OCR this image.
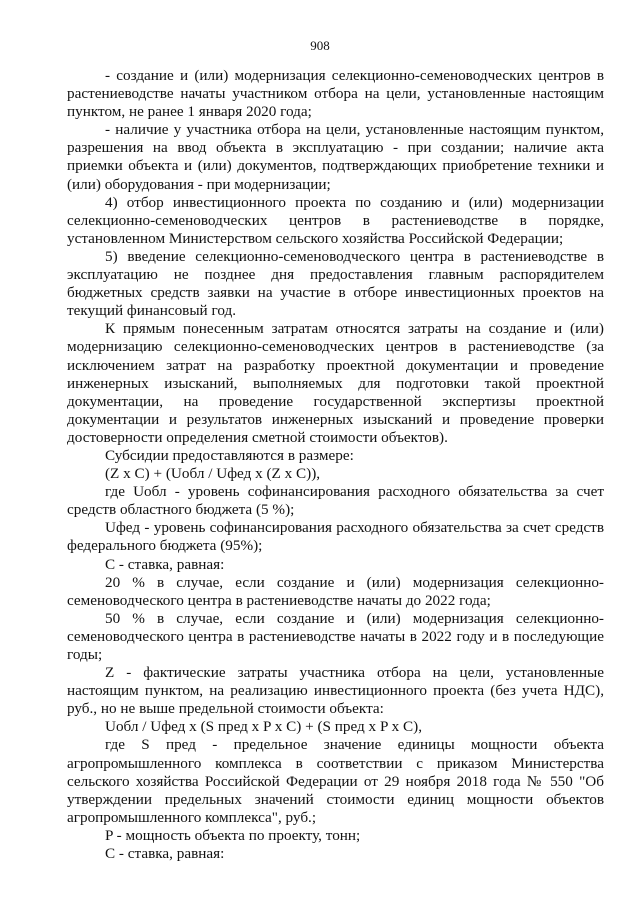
908

- создание и (или) модернизация селекционно-семеноводческих центров в растениеводстве начаты участником отбора на цели, установленные настоящим пунктом, не ранее 1 января 2020 года;

- наличие у участника отбора на цели, установленные настоящим пунктом, разрешения на ввод объекта в эксплуатацию - при создании; наличие акта приемки объекта и (или) документов, подтверждающих приобретение техники и (или) оборудования - при модернизации;

4) отбор инвестиционного проекта по созданию и (или) модернизации селекционно-семеноводческих центров в растениеводстве в порядке, установленном Министерством сельского хозяйства Российской Федерации;

5) введение селекционно-семеноводческого центра в растениеводстве в эксплуатацию не позднее дня предоставления главным распорядителем бюджетных средств заявки на участие в отборе инвестиционных проектов на текущий финансовый год.

К прямым понесенным затратам относятся затраты на создание и (или) модернизацию селекционно-семеноводческих центров в растениеводстве (за исключением затрат на разработку проектной документации и проведение инженерных изысканий, выполняемых для подготовки такой проектной документации, на проведение государственной экспертизы проектной документации и результатов инженерных изысканий и проведение проверки достоверности определения сметной стоимости объектов).

Субсидии предоставляются в размере:

(Z x C) + (Uобл / Uфед x (Z x C)),

где Uобл - уровень софинансирования расходного обязательства за счет средств областного бюджета (5 %);

Uфед - уровень софинансирования расходного обязательства за счет средств федерального бюджета (95%);

С - ставка, равная:

20 % в случае, если создание и (или) модернизация селекционно-семеноводческого центра в растениеводстве начаты до 2022 года;

50 % в случае, если создание и (или) модернизация селекционно-семеноводческого центра в растениеводстве начаты в 2022 году и в последующие годы;

Z - фактические затраты участника отбора на цели, установленные настоящим пунктом, на реализацию инвестиционного проекта (без учета НДС), руб., но не выше предельной стоимости объекта:

Uобл / Uфед x (S пред x P x C) + (S пред x P x C),

где S пред - предельное значение единицы мощности объекта агропромышленного комплекса в соответствии с приказом Министерства сельского хозяйства Российской Федерации от 29 ноября 2018 года № 550 "Об утверждении предельных значений стоимости единиц мощности объектов агропромышленного комплекса", руб.;

P - мощность объекта по проекту, тонн;

С - ставка, равная:
